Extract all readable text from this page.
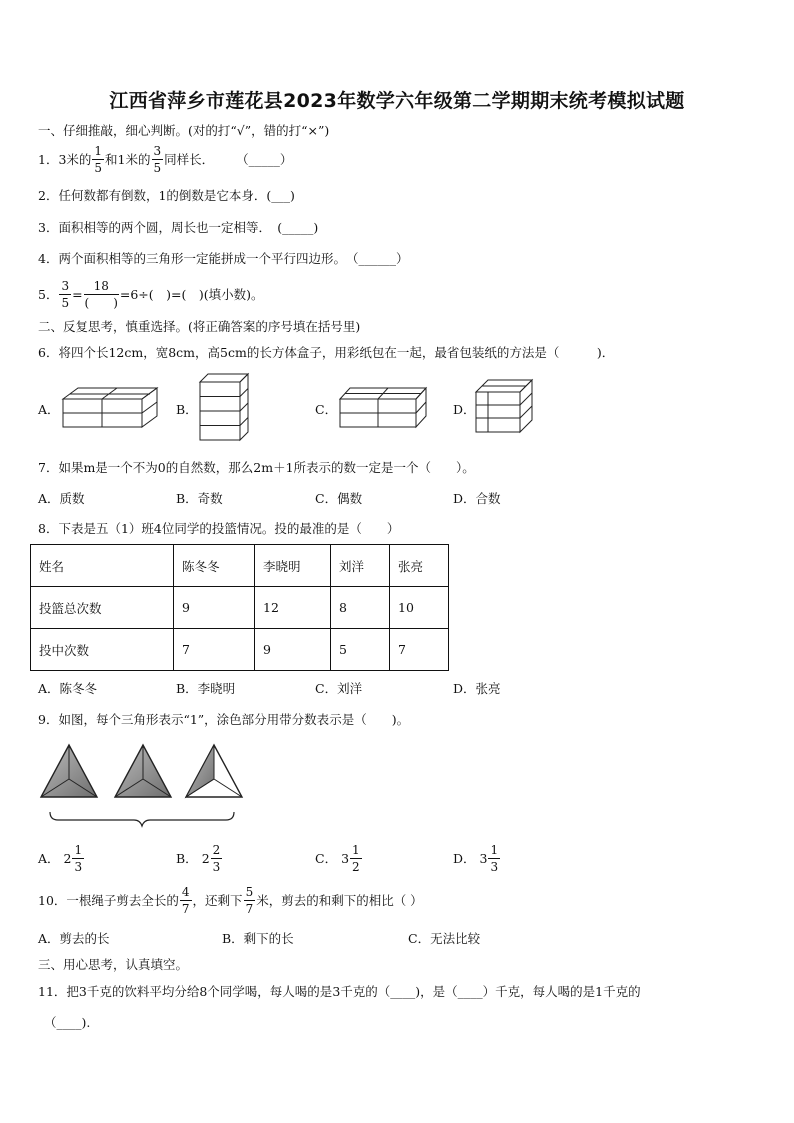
江西省萍乡市莲花县2023年数学六年级第二学期期末统考模拟试题
一、仔细推敲，细心判断。(对的打“√”，错的打“×”)
1．3米的 $\frac{1}{5}$ 和1米的 $\frac{3}{5}$ 同样长． （_____）
2．任何数都有倒数，1的倒数是它本身．(___)
3．面积相等的两个圆，周长也一定相等．　(_____)
4．两个面积相等的三角形一定能拼成一个平行四边形。　（______）
5． $\frac{3}{5} = \frac{18}{( )} =6\div$(　)=(　)(填小数)。
二、反复思考，慎重选择。(将正确答案的序号填在括号里)
6．将四个长12cm，宽8cm，高5cm的长方体盒子，用彩纸包在一起，最省包装纸的方法是（　　　)．
A．	B．	C．	D．
7．如果m是一个不为0的自然数，那么2m＋1所表示的数一定是一个（　　）。
A．质数	B．奇数	C．偶数	D．合数
8．下表是五（1）班4位同学的投篮情况。投的最准的是（　　）
姓名	陈冬冬	李晓明	刘洋	张亮
投篮总次数	9	12	8	10
投中次数	7	9	5	7
A．陈冬冬	B．李晓明	C．刘洋	D．张亮
9．如图，每个三角形表示“1”，涂色部分用带分数表示是（　　)。
A． $2 \frac{1}{3}$	B． $2 \frac{2}{3}$	C． $3 \frac{1}{2}$	D． $3 \frac{1}{3}$
10．一根绳子剪去全长的 $\frac{4}{7}$ ，还剩下 $\frac{5}{7}$ 米，剪去的和剩下的相比（ ）
A．剪去的长	B．剩下的长	C．无法比较
三、用心思考，认真填空。
11．把3千克的饮料平均分给8个同学喝，每人喝的是3千克的（____)，是（____）千克，每人喝的是1千克的
（____).
